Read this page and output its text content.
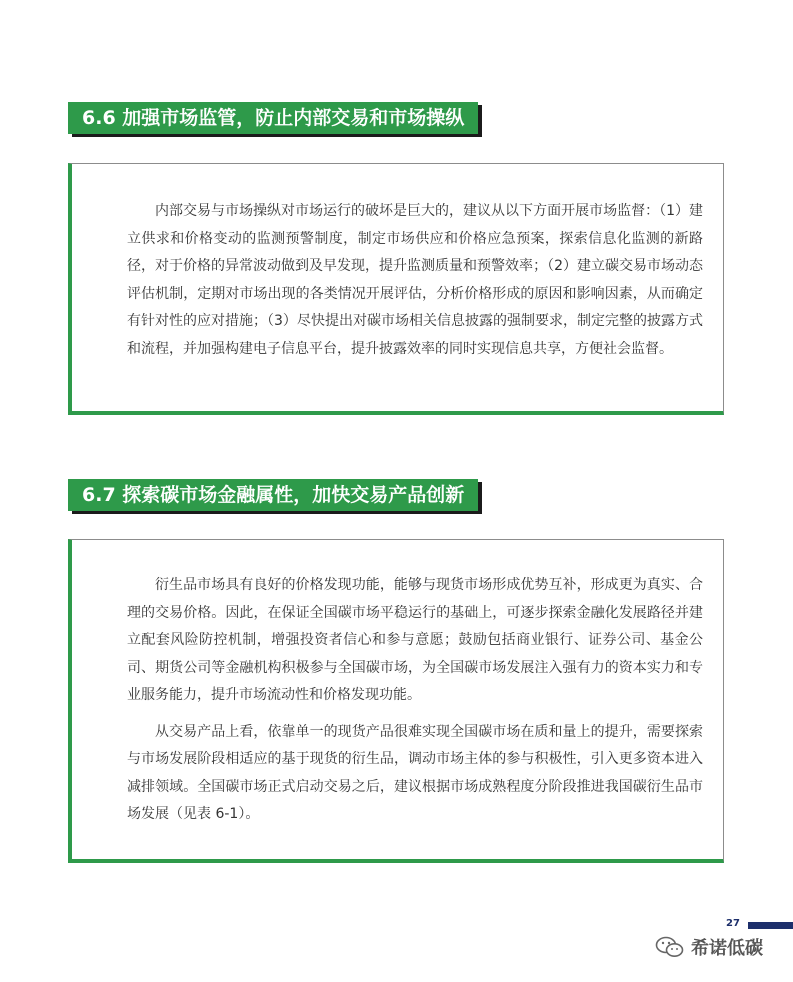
6.6 加强市场监管，防止内部交易和市场操纵

内部交易与市场操纵对市场运行的破坏是巨大的，建议从以下方面开展市场监督：（1）建立供求和价格变动的监测预警制度，制定市场供应和价格应急预案，探索信息化监测的新路径，对于价格的异常波动做到及早发现，提升监测质量和预警效率；（2）建立碳交易市场动态评估机制，定期对市场出现的各类情况开展评估，分析价格形成的原因和影响因素，从而确定有针对性的应对措施；（3）尽快提出对碳市场相关信息披露的强制要求，制定完整的披露方式和流程，并加强构建电子信息平台，提升披露效率的同时实现信息共享，方便社会监督。

6.7 探索碳市场金融属性，加快交易产品创新

衍生品市场具有良好的价格发现功能，能够与现货市场形成优势互补，形成更为真实、合理的交易价格。因此，在保证全国碳市场平稳运行的基础上，可逐步探索金融化发展路径并建立配套风险防控机制，增强投资者信心和参与意愿；鼓励包括商业银行、证券公司、基金公司、期货公司等金融机构积极参与全国碳市场，为全国碳市场发展注入强有力的资本实力和专业服务能力，提升市场流动性和价格发现功能。

从交易产品上看，依靠单一的现货产品很难实现全国碳市场在质和量上的提升，需要探索与市场发展阶段相适应的基于现货的衍生品，调动市场主体的参与积极性，引入更多资本进入减排领域。全国碳市场正式启动交易之后，建议根据市场成熟程度分阶段推进我国碳衍生品市场发展（见表 6-1）。

27
希诺低碳
